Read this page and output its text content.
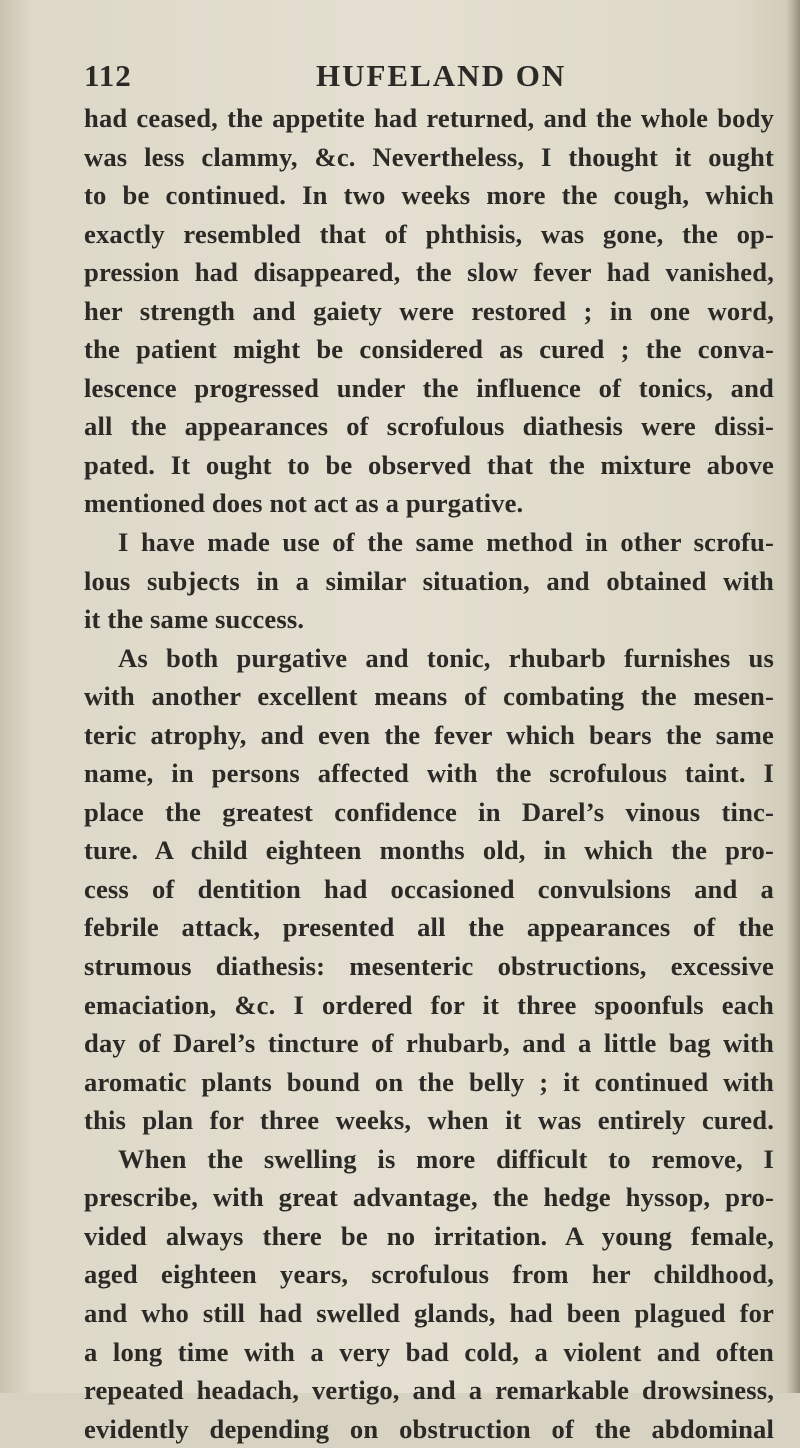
112	HUFELAND ON
had ceased, the appetite had returned, and the whole body
was less clammy, &c. Nevertheless, I thought it ought
to be continued. In two weeks more the cough, which
exactly resembled that of phthisis, was gone, the op-
pression had disappeared, the slow fever had vanished,
her strength and gaiety were restored ; in one word,
the patient might be considered as cured ; the conva-
lescence progressed under the influence of tonics, and
all the appearances of scrofulous diathesis were dissi-
pated. It ought to be observed that the mixture above
mentioned does not act as a purgative.
I have made use of the same method in other scrofu-
lous subjects in a similar situation, and obtained with
it the same success.
As both purgative and tonic, rhubarb furnishes us
with another excellent means of combating the mesen-
teric atrophy, and even the fever which bears the same
name, in persons affected with the scrofulous taint. I
place the greatest confidence in Darel’s vinous tinc-
ture. A child eighteen months old, in which the pro-
cess of dentition had occasioned convulsions and a
febrile attack, presented all the appearances of the
strumous diathesis: mesenteric obstructions, excessive
emaciation, &c. I ordered for it three spoonfuls each
day of Darel’s tincture of rhubarb, and a little bag with
aromatic plants bound on the belly ; it continued with
this plan for three weeks, when it was entirely cured.
When the swelling is more difficult to remove, I
prescribe, with great advantage, the hedge hyssop, pro-
vided always there be no irritation. A young female,
aged eighteen years, scrofulous from her childhood,
and who still had swelled glands, had been plagued for
a long time with a very bad cold, a violent and often
repeated headach, vertigo, and a remarkable drowsiness,
evidently depending on obstruction of the abdominal
